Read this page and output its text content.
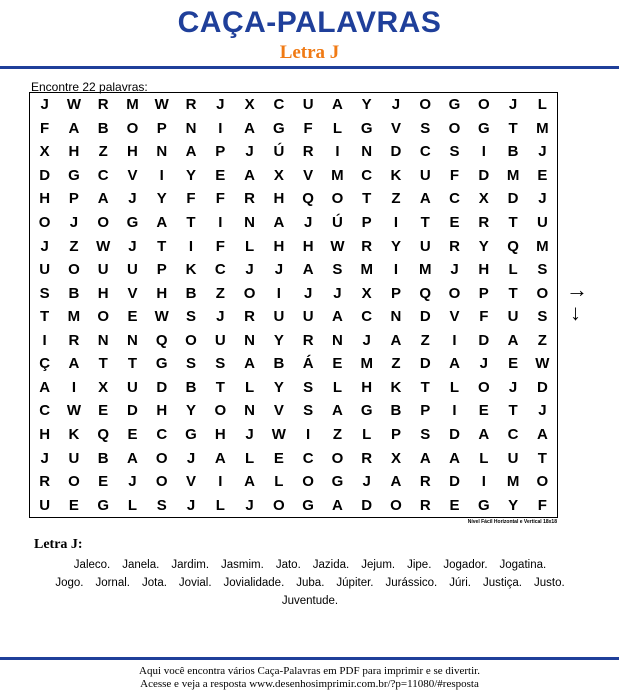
CAÇA-PALAVRAS
Letra J
Encontre 22 palavras:
J	W	R	M	W	R	J	X	C	U	A	Y	J	O	G	O	J	L
F	A	B	O	P	N	I	A	G	F	L	G	V	S	O	G	T	M
X	H	Z	H	N	A	P	J	Ú	R	I	N	D	C	S	I	B	J
D	G	C	V	I	Y	E	A	X	V	M	C	K	U	F	D	M	E
H	P	A	J	Y	F	F	R	H	Q	O	T	Z	A	C	X	D	J
O	J	O	G	A	T	I	N	A	J	Ú	P	I	T	E	R	T	U
J	Z	W	J	T	I	F	L	H	H	W	R	Y	U	R	Y	Q	M
U	O	U	U	P	K	C	J	J	A	S	M	I	M	J	H	L	S
S	B	H	V	H	B	Z	O	I	J	J	X	P	Q	O	P	T	O
T	M	O	E	W	S	J	R	U	U	A	C	N	D	V	F	U	S
I	R	N	N	Q	O	U	N	Y	R	N	J	A	Z	I	D	A	Z
Ç	A	T	T	G	S	S	A	B	Á	E	M	Z	D	A	J	E	W
A	I	X	U	D	B	T	L	Y	S	L	H	K	T	L	O	J	D
C	W	E	D	H	Y	O	N	V	S	A	G	B	P	I	E	T	J
H	K	Q	E	C	G	H	J	W	I	Z	L	P	S	D	A	C	A
J	U	B	A	O	J	A	L	E	C	O	R	X	A	A	L	U	T
R	O	E	J	O	V	I	A	L	O	G	J	A	R	D	I	M	O
U	E	G	L	S	J	L	J	O	G	A	D	O	R	E	G	Y	F
Nível Fácil Horizontal e Vertical 18x18
→
↓
Letra J:
Jaleco. Janela. Jardim. Jasmim. Jato. Jazida. Jejum. Jipe. Jogador. Jogatina.
Jogo. Jornal. Jota. Jovial. Jovialidade. Juba. Júpiter. Jurássico. Júri. Justiça. Justo.
Juventude.
Aqui você encontra vários Caça-Palavras em PDF para imprimir e se divertir.
Acesse e veja a resposta www.desenhosimprimir.com.br/?p=11080/#resposta
